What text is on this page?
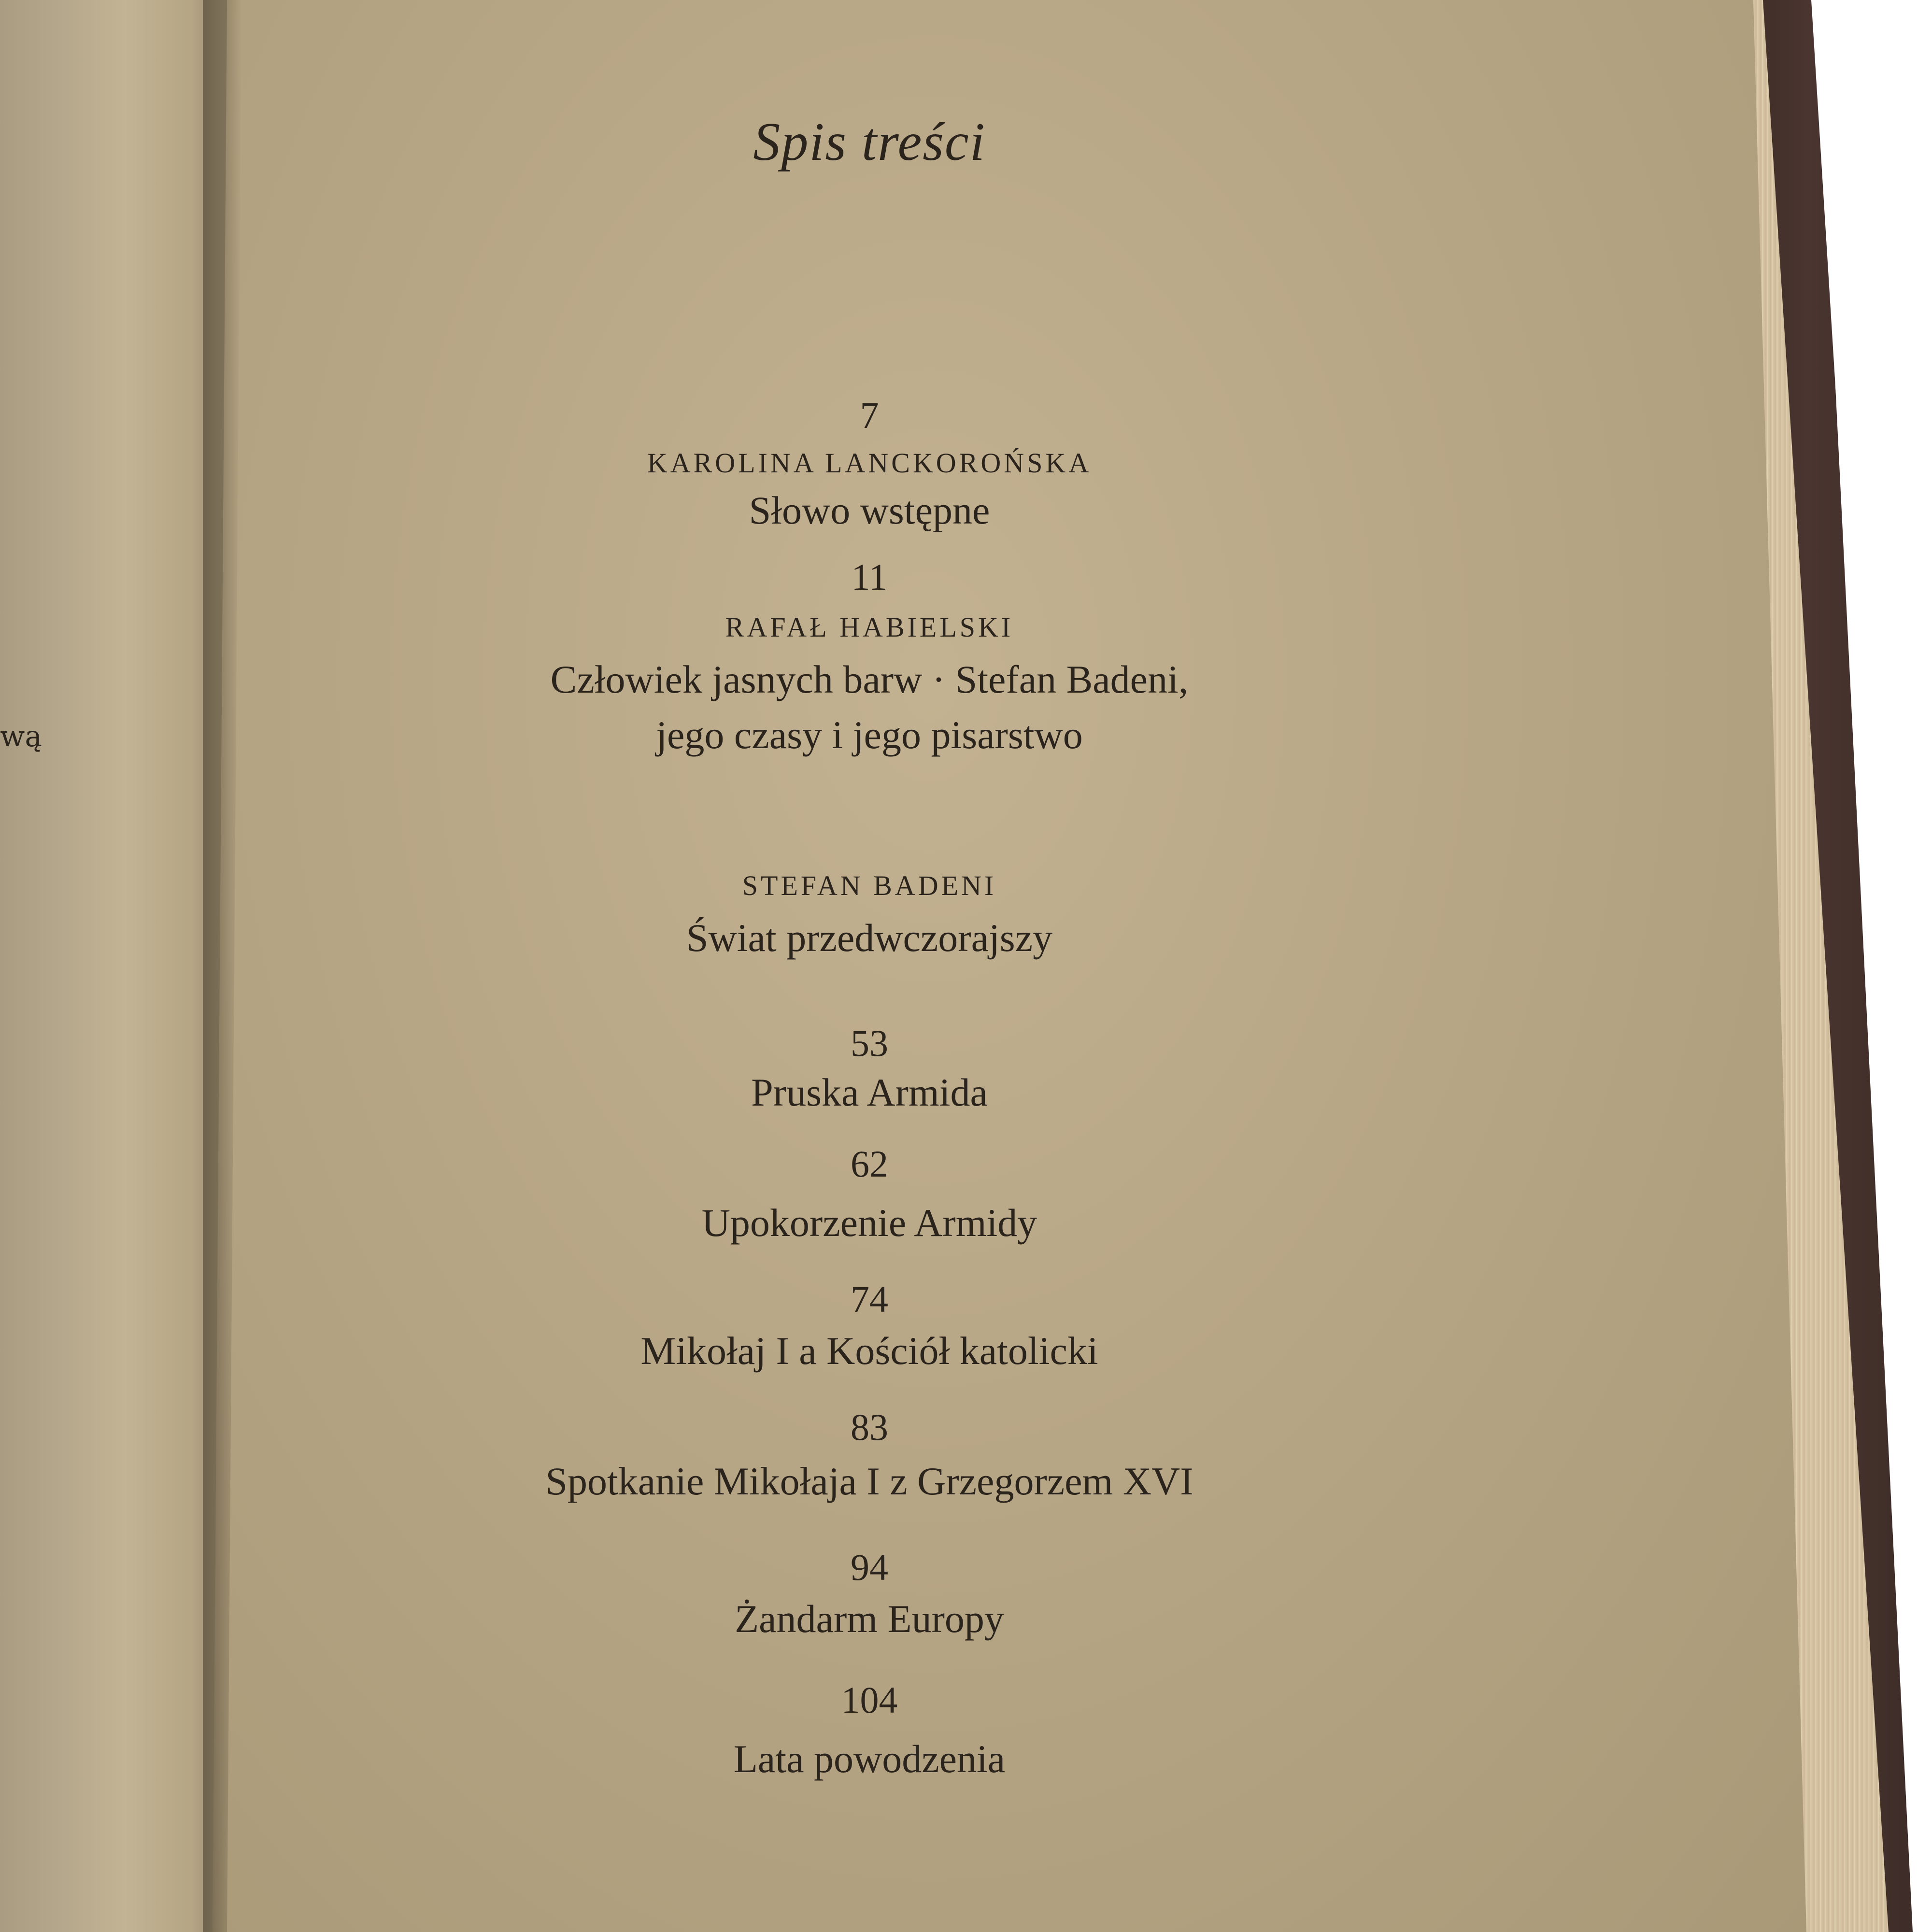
wą
Spis treści
7
KAROLINA LANCKOROŃSKA
Słowo wstępne
11
RAFAŁ HABIELSKI
Człowiek jasnych barw · Stefan Badeni,
jego czasy i jego pisarstwo
STEFAN BADENI
Świat przedwczorajszy
53
Pruska Armida
62
Upokorzenie Armidy
74
Mikołaj I a Kościół katolicki
83
Spotkanie Mikołaja I z Grzegorzem XVI
94
Żandarm Europy
104
Lata powodzenia
